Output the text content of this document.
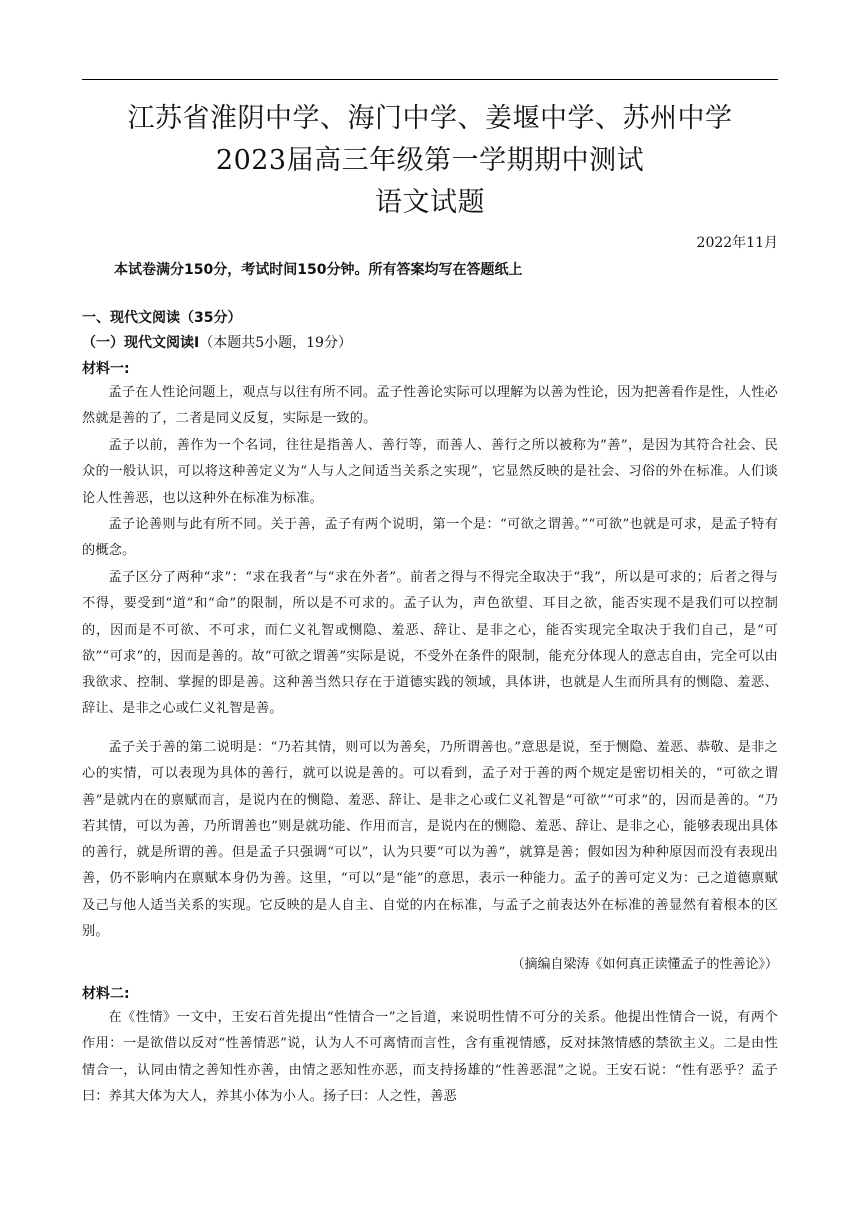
江苏省淮阴中学、海门中学、姜堰中学、苏州中学
2023届高三年级第一学期期中测试
语文试题
2022年11月
本试卷满分150分，考试时间150分钟。所有答案均写在答题纸上
一、现代文阅读（35分）
（一）现代文阅读Ⅰ（本题共5小题，19分）
材料一:
孟子在人性论问题上，观点与以往有所不同。孟子性善论实际可以理解为以善为性论，因为把善看作是性，人性必然就是善的了，二者是同义反复，实际是一致的。
孟子以前，善作为一个名词，往往是指善人、善行等，而善人、善行之所以被称为“善”，是因为其符合社会、民众的一般认识，可以将这种善定义为“人与人之间适当关系之实现”，它显然反映的是社会、习俗的外在标准。人们谈论人性善恶，也以这种外在标准为标准。
孟子论善则与此有所不同。关于善，孟子有两个说明，第一个是：“可欲之谓善。”“可欲”也就是可求，是孟子特有的概念。
孟子区分了两种“求”：“求在我者”与“求在外者”。前者之得与不得完全取决于“我”，所以是可求的；后者之得与不得，要受到“道”和“命”的限制，所以是不可求的。孟子认为，声色欲望、耳目之欲，能否实现不是我们可以控制的，因而是不可欲、不可求，而仁义礼智或恻隐、羞恶、辞让、是非之心，能否实现完全取决于我们自己，是“可欲”“可求”的，因而是善的。故“可欲之谓善”实际是说，不受外在条件的限制，能充分体现人的意志自由，完全可以由我欲求、控制、掌握的即是善。这种善当然只存在于道德实践的领域，具体讲，也就是人生而所具有的恻隐、羞恶、辞让、是非之心或仁义礼智是善。
孟子关于善的第二说明是：“乃若其情，则可以为善矣，乃所谓善也。”意思是说，至于恻隐、羞恶、恭敬、是非之心的实情，可以表现为具体的善行，就可以说是善的。可以看到，孟子对于善的两个规定是密切相关的，“可欲之谓善”是就内在的禀赋而言，是说内在的恻隐、羞恶、辞让、是非之心或仁义礼智是“可欲”“可求”的，因而是善的。“乃若其情，可以为善，乃所谓善也”则是就功能、作用而言，是说内在的恻隐、羞恶、辞让、是非之心，能够表现出具体的善行，就是所谓的善。但是孟子只强调“可以”，认为只要“可以为善”，就算是善；假如因为种种原因而没有表现出善，仍不影响内在禀赋本身仍为善。这里，“可以”是“能”的意思，表示一种能力。孟子的善可定义为：己之道德禀赋及己与他人适当关系的实现。它反映的是人自主、自觉的内在标准，与孟子之前表达外在标准的善显然有着根本的区别。
（摘编自梁涛《如何真正读懂孟子的性善论》）
材料二:
在《性情》一文中，王安石首先提出“性情合一”之旨道，来说明性情不可分的关系。他提出性情合一说，有两个作用：一是欲借以反对“性善情恶”说，认为人不可离情而言性，含有重视情感，反对抹煞情感的禁欲主义。二是由性情合一，认同由情之善知性亦善，由情之恶知性亦恶，而支持扬雄的“性善恶混”之说。王安石说：“性有恶乎？孟子曰：养其大体为大人，养其小体为小人。扬子曰：人之性，善恶
